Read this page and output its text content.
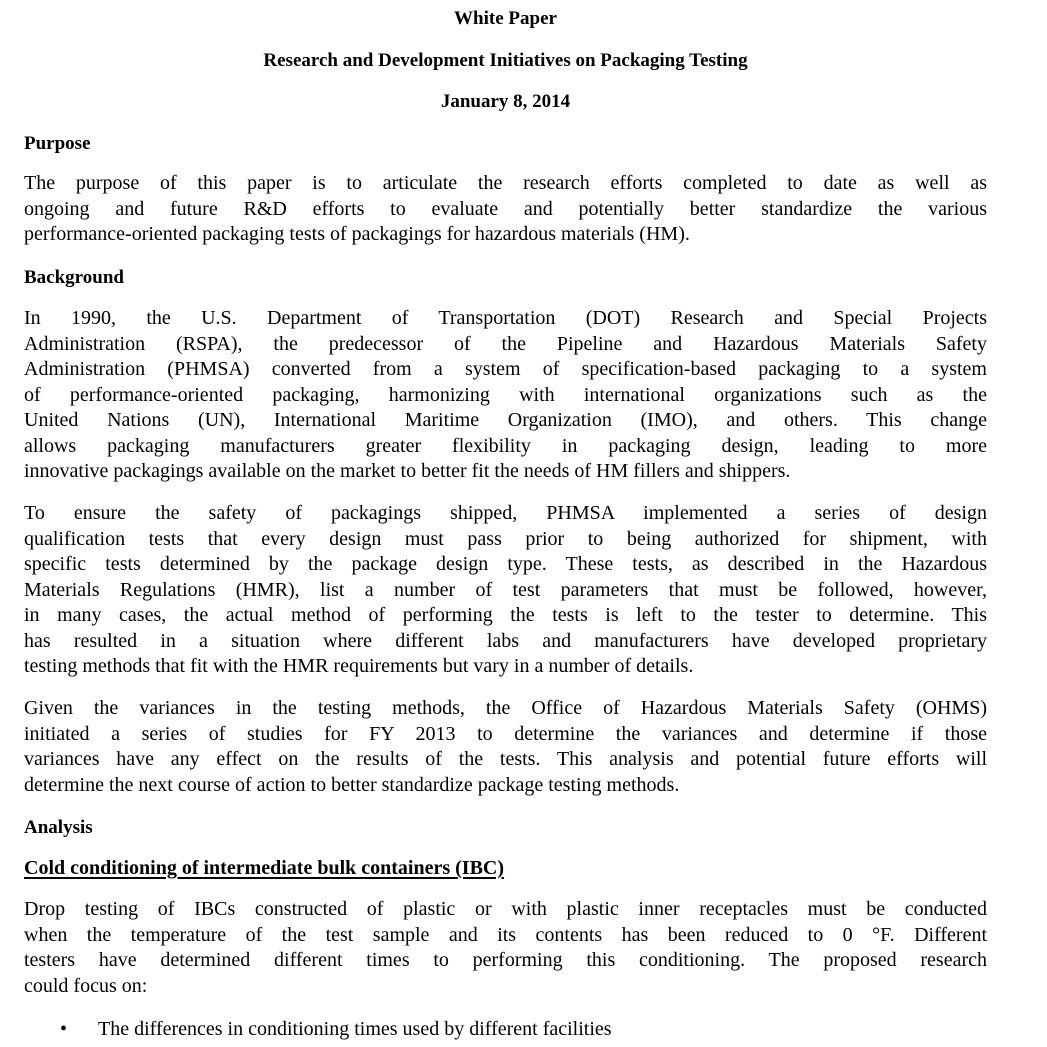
White Paper
Research and Development Initiatives on Packaging Testing
January 8, 2014
Purpose
The purpose of this paper is to articulate the research efforts completed to date as well as
ongoing and future R&D efforts to evaluate and potentially better standardize the various
performance-oriented packaging tests of packagings for hazardous materials (HM).
Background
In 1990, the U.S. Department of Transportation (DOT) Research and Special Projects
Administration (RSPA), the predecessor of the Pipeline and Hazardous Materials Safety
Administration (PHMSA) converted from a system of specification-based packaging to a system
of performance-oriented packaging, harmonizing with international organizations such as the
United Nations (UN), International Maritime Organization (IMO), and others. This change
allows packaging manufacturers greater flexibility in packaging design, leading to more
innovative packagings available on the market to better fit the needs of HM fillers and shippers.
To ensure the safety of packagings shipped, PHMSA implemented a series of design
qualification tests that every design must pass prior to being authorized for shipment, with
specific tests determined by the package design type. These tests, as described in the Hazardous
Materials Regulations (HMR), list a number of test parameters that must be followed, however,
in many cases, the actual method of performing the tests is left to the tester to determine. This
has resulted in a situation where different labs and manufacturers have developed proprietary
testing methods that fit with the HMR requirements but vary in a number of details.
Given the variances in the testing methods, the Office of Hazardous Materials Safety (OHMS)
initiated a series of studies for FY 2013 to determine the variances and determine if those
variances have any effect on the results of the tests. This analysis and potential future efforts will
determine the next course of action to better standardize package testing methods.
Analysis
Cold conditioning of intermediate bulk containers (IBC)
Drop testing of IBCs constructed of plastic or with plastic inner receptacles must be conducted
when the temperature of the test sample and its contents has been reduced to 0 °F. Different
testers have determined different times to performing this conditioning. The proposed research
could focus on:
• The differences in conditioning times used by different facilities
